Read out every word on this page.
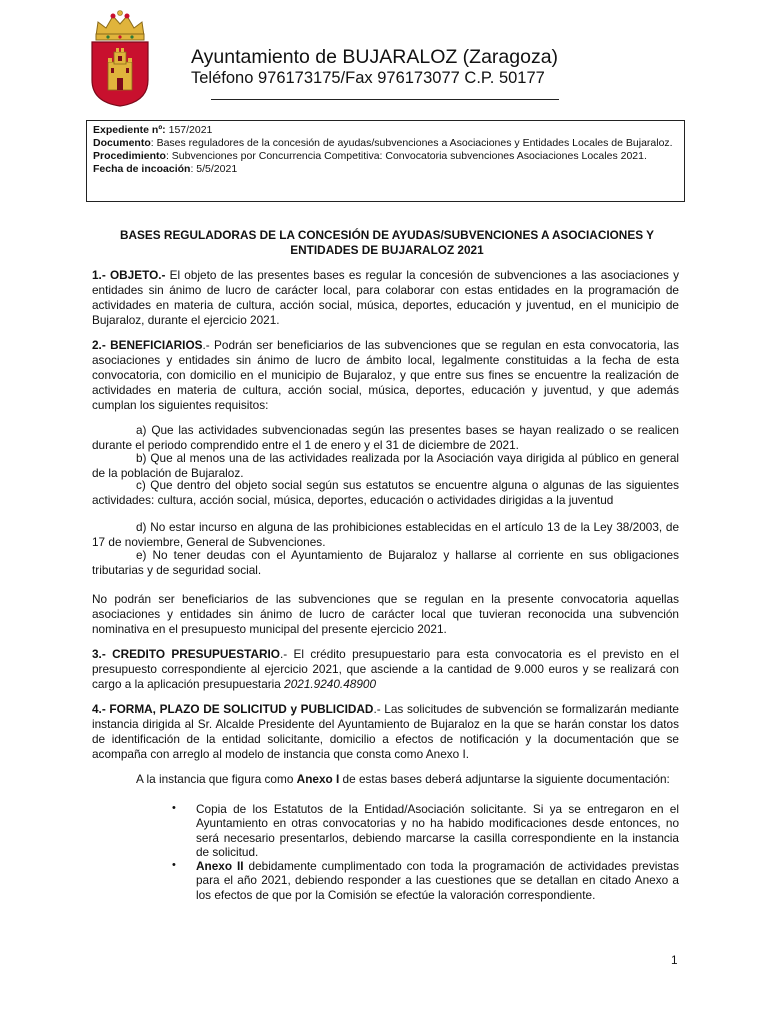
Ayuntamiento de BUJARALOZ (Zaragoza)
Teléfono 976173175/Fax 976173077 C.P. 50177
Expediente nº: 157/2021
Documento: Bases reguladores de la concesión de ayudas/subvenciones a Asociaciones y Entidades Locales de Bujaraloz.
Procedimiento: Subvenciones por Concurrencia Competitiva: Convocatoria subvenciones Asociaciones Locales 2021.
Fecha de incoación: 5/5/2021
BASES REGULADORAS DE LA CONCESIÓN DE AYUDAS/SUBVENCIONES A ASOCIACIONES Y ENTIDADES DE BUJARALOZ 2021
1.- OBJETO.- El objeto de las presentes bases es regular la concesión de subvenciones a las asociaciones y entidades sin ánimo de lucro de carácter local, para colaborar con estas entidades en la programación de actividades en materia de cultura, acción social, música, deportes, educación y juventud, en el municipio de Bujaraloz, durante el ejercicio 2021.
2.- BENEFICIARIOS.- Podrán ser beneficiarios de las subvenciones que se regulan en esta convocatoria, las asociaciones y entidades sin ánimo de lucro de ámbito local, legalmente constituidas a la fecha de esta convocatoria, con domicilio en el municipio de Bujaraloz, y que entre sus fines se encuentre la realización de actividades en materia de cultura, acción social, música, deportes, educación y juventud, y que además cumplan los siguientes requisitos:
a) Que las actividades subvencionadas según las presentes bases se hayan realizado o se realicen durante el periodo comprendido entre el 1 de enero y el 31 de diciembre de 2021.
b) Que al menos una de las actividades realizada por la Asociación vaya dirigida al público en general de la población de Bujaraloz.
c) Que dentro del objeto social según sus estatutos se encuentre alguna o algunas de las siguientes actividades: cultura, acción social, música, deportes, educación o actividades dirigidas a la juventud
d) No estar incurso en alguna de las prohibiciones establecidas en el artículo 13 de la Ley 38/2003, de 17 de noviembre, General de Subvenciones.
e) No tener deudas con el Ayuntamiento de Bujaraloz y hallarse al corriente en sus obligaciones tributarias y de seguridad social.
No podrán ser beneficiarios de las subvenciones que se regulan en la presente convocatoria aquellas asociaciones y entidades sin ánimo de lucro de carácter local que tuvieran reconocida una subvención nominativa en el presupuesto municipal del presente ejercicio 2021.
3.- CREDITO PRESUPUESTARIO.- El crédito presupuestario para esta convocatoria es el previsto en el presupuesto correspondiente al ejercicio 2021, que asciende a la cantidad de 9.000 euros y se realizará con cargo a la aplicación presupuestaria 2021.9240.48900
4.- FORMA, PLAZO DE SOLICITUD y PUBLICIDAD.- Las solicitudes de subvención se formalizarán mediante instancia dirigida al Sr. Alcalde Presidente del Ayuntamiento de Bujaraloz en la que se harán constar los datos de identificación de la entidad solicitante, domicilio a efectos de notificación y la documentación que se acompaña con arreglo al modelo de instancia que consta como Anexo I.
A la instancia que figura como Anexo I de estas bases deberá adjuntarse la siguiente documentación:
• Copia de los Estatutos de la Entidad/Asociación solicitante. Si ya se entregaron en el Ayuntamiento en otras convocatorias y no ha habido modificaciones desde entonces, no será necesario presentarlos, debiendo marcarse la casilla correspondiente en la instancia de solicitud.
• Anexo II debidamente cumplimentado con toda la programación de actividades previstas para el año 2021, debiendo responder a las cuestiones que se detallan en citado Anexo a los efectos de que por la Comisión se efectúe la valoración correspondiente.
1
